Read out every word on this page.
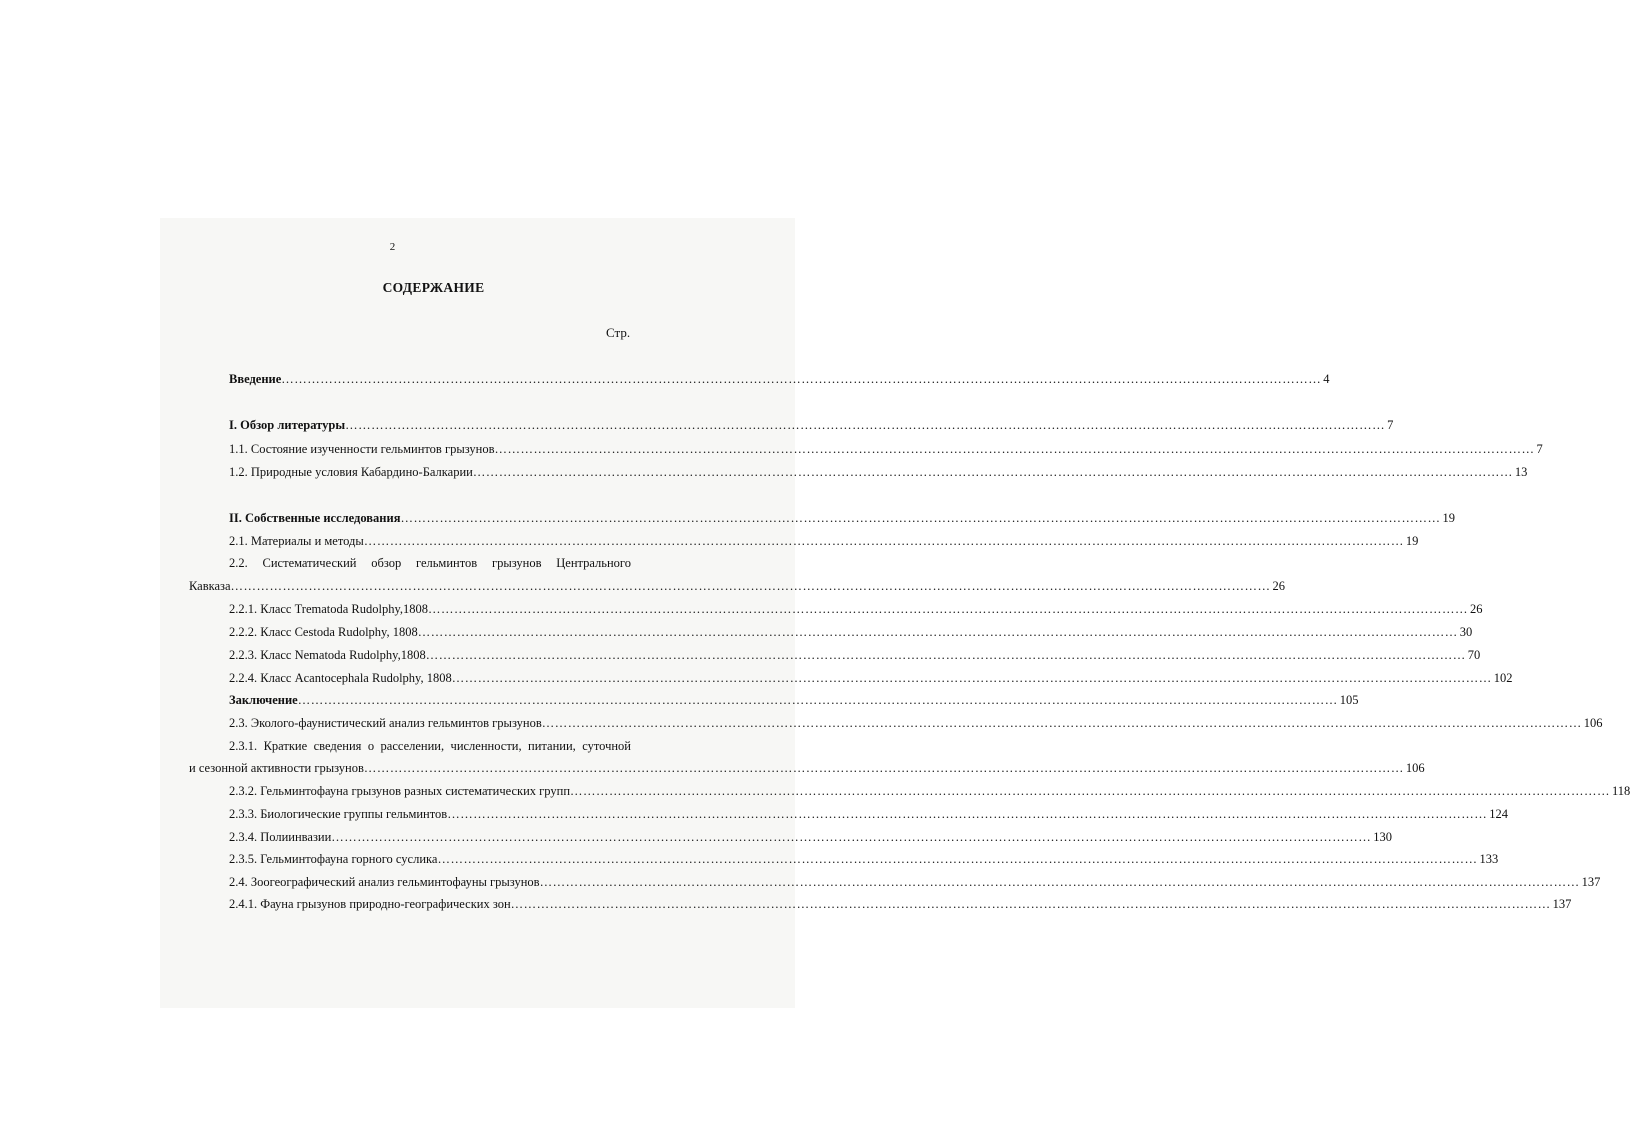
2
СОДЕРЖАНИЕ
Стр.
Введение …………………………………………………………………………………………………………………………………………………………………………………………………………………… 4
I. Обзор литературы …………………………………………………………………………………………………………………………………………………………………………………………………………………… 7
1.1. Состояние изученности гельминтов грызунов …………………………………………………………………………………………………………………………………………………………………………………………………………………… 7
1.2. Природные условия Кабардино-Балкарии …………………………………………………………………………………………………………………………………………………………………………………………………………………… 13
II. Собственные исследования …………………………………………………………………………………………………………………………………………………………………………………………………………………… 19
2.1. Материалы и методы …………………………………………………………………………………………………………………………………………………………………………………………………………………… 19
2.2. Систематический обзор гельминтов грызунов Центрального
Кавказа …………………………………………………………………………………………………………………………………………………………………………………………………………………… 26
2.2.1. Класс Trematoda Rudolphy,1808 …………………………………………………………………………………………………………………………………………………………………………………………………………………… 26
2.2.2. Класс Cestoda Rudolphy, 1808 …………………………………………………………………………………………………………………………………………………………………………………………………………………… 30
2.2.3. Класс Nematoda Rudolphy,1808 …………………………………………………………………………………………………………………………………………………………………………………………………………………… 70
2.2.4. Класс Acantocephala Rudolphy, 1808 …………………………………………………………………………………………………………………………………………………………………………………………………………………… 102
Заключение …………………………………………………………………………………………………………………………………………………………………………………………………………………… 105
2.3. Эколого-фаунистический анализ гельминтов грызунов …………………………………………………………………………………………………………………………………………………………………………………………………………………… 106
2.3.1. Краткие сведения о расселении, численности, питании, суточной
и сезонной активности грызунов …………………………………………………………………………………………………………………………………………………………………………………………………………………… 106
2.3.2. Гельминтофауна грызунов разных систематических групп …………………………………………………………………………………………………………………………………………………………………………………………………………………… 118
2.3.3. Биологические группы гельминтов …………………………………………………………………………………………………………………………………………………………………………………………………………………… 124
2.3.4. Полиинвазии …………………………………………………………………………………………………………………………………………………………………………………………………………………… 130
2.3.5. Гельминтофауна горного суслика …………………………………………………………………………………………………………………………………………………………………………………………………………………… 133
2.4. Зоогеографический анализ гельминтофауны грызунов …………………………………………………………………………………………………………………………………………………………………………………………………………………… 137
2.4.1. Фауна грызунов природно-географических зон …………………………………………………………………………………………………………………………………………………………………………………………………………………… 137
